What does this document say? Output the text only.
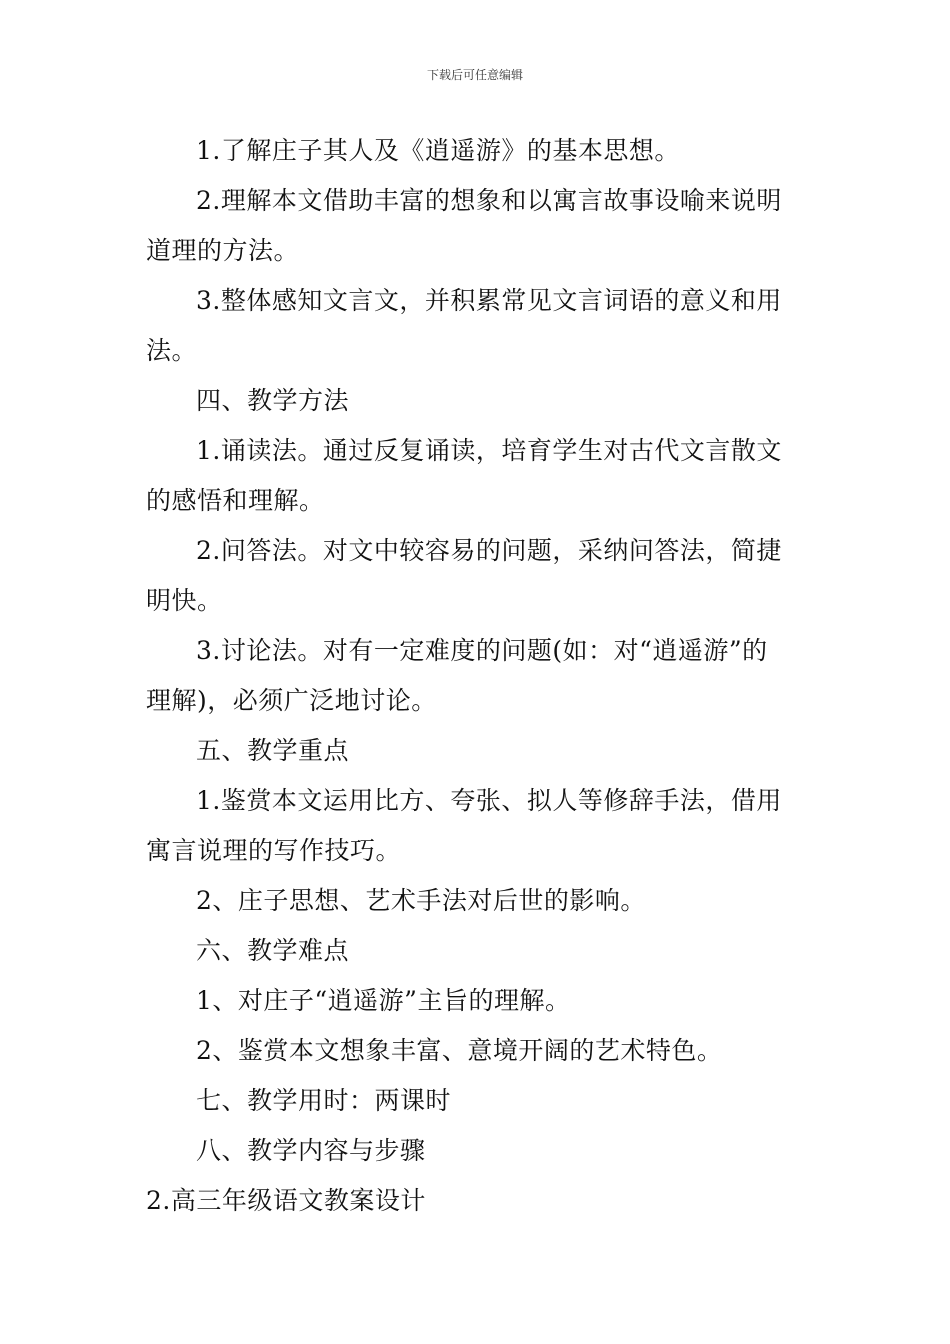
下载后可任意编辑
1.了解庄子其人及《逍遥游》的基本思想。
2.理解本文借助丰富的想象和以寓言故事设喻来说明
道理的方法。
3.整体感知文言文，并积累常见文言词语的意义和用
法。
四、教学方法
1.诵读法。通过反复诵读，培育学生对古代文言散文
的感悟和理解。
2.问答法。对文中较容易的问题，采纳问答法，简捷
明快。
3.讨论法。对有一定难度的问题(如：对“逍遥游”的
理解)，必须广泛地讨论。
五、教学重点
1.鉴赏本文运用比方、夸张、拟人等修辞手法，借用
寓言说理的写作技巧。
2、庄子思想、艺术手法对后世的影响。
六、教学难点
1、对庄子“逍遥游”主旨的理解。
2、鉴赏本文想象丰富、意境开阔的艺术特色。
七、教学用时：两课时
八、教学内容与步骤
2.高三年级语文教案设计
